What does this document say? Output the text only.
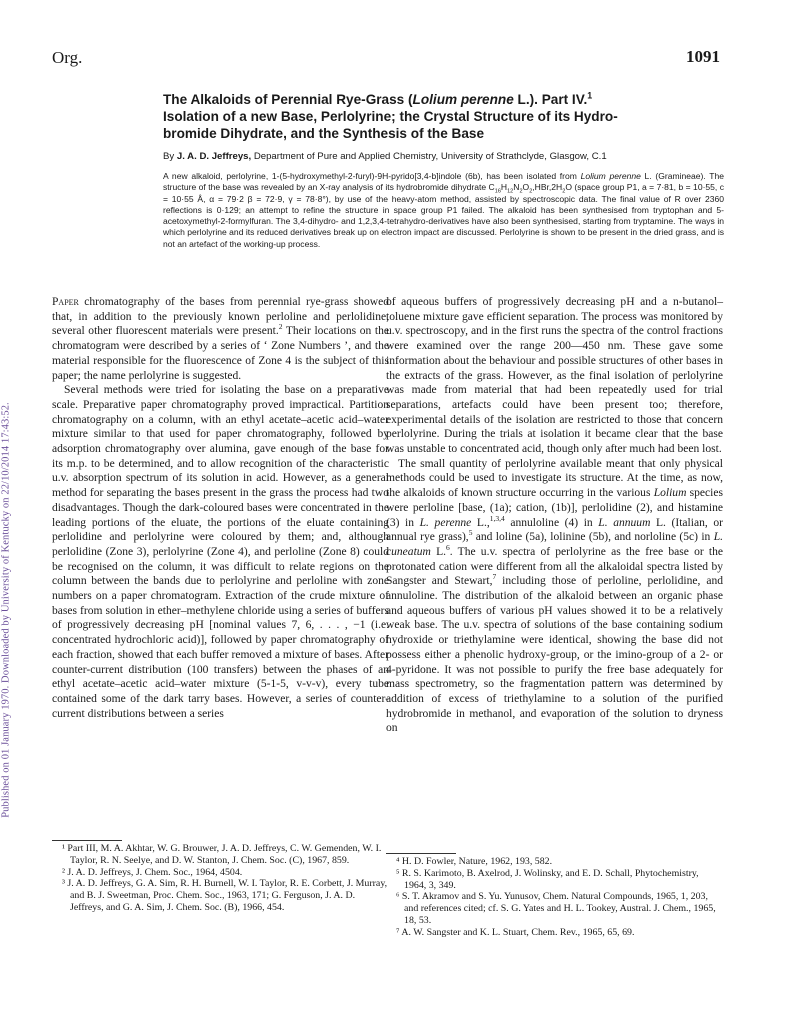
Published on 01 January 1970. Downloaded by University of Kentucky on 22/10/2014 17:43:52.
Org.	1091
The Alkaloids of Perennial Rye-Grass (Lolium perenne L.). Part IV.$^1$
Isolation of a new Base, Perlolyrine; the Crystal Structure of its Hydro-
bromide Dihydrate, and the Synthesis of the Base
By J. A. D. Jeffreys, Department of Pure and Applied Chemistry, University of Strathclyde, Glasgow, C.1
A new alkaloid, perlolyrine, 1-(5-hydroxymethyl-2-furyl)-9H-pyrido[3,4-b]indole (6b), has been isolated from Lolium perenne L. (Gramineae). The structure of the base was revealed by an X-ray analysis of its hydrobromide dihydrate $C_{16}H_{12}N_2O_2,HBr,2H_2O$ (space group P1, a = 7·81, b = 10·55, c = 10·55 Å, α = 79·2 β = 72·9, γ = 78·8°), by use of the heavy-atom method, assisted by spectroscopic data. The final value of R over 2360 reflections is 0·129; an attempt to refine the structure in space group P1 failed. The alkaloid has been synthesised from tryptophan and 5-acetoxymethyl-2-formylfuran. The 3,4-dihydro- and 1,2,3,4-tetrahydro-derivatives have also been synthesised, starting from tryptamine. The ways in which perlolyrine and its reduced derivatives break up on electron impact are discussed. Perlolyrine is shown to be present in the dried grass, and is not an artefact of the working-up process.

Paper chromatography of the bases from perennial rye-grass showed that, in addition to the previously known perloline and perlolidine, several other fluorescent materials were present.$^2$ Their locations on the chromatogram were described by a series of ‘ Zone Numbers ’, and the material responsible for the fluorescence of Zone 4 is the subject of this paper; the name perlolyrine is suggested.

Several methods were tried for isolating the base on a preparative scale. Preparative paper chromatography proved impractical. Partition chromatography on a column, with an ethyl acetate–acetic acid–water mixture similar to that used for paper chromatography, followed by adsorption chromatography over alumina, gave enough of the base for its m.p. to be determined, and to allow recognition of the characteristic u.v. absorption spectrum of its solution in acid. However, as a general method for separating the bases present in the grass the process had two disadvantages. Though the dark-coloured bases were concentrated in the leading portions of the eluate, the portions of the eluate containing perlolidine and perlolyrine were coloured by them; and, although perlolidine (Zone 3), perlolyrine (Zone 4), and perloline (Zone 8) could be recognised on the column, it was difficult to relate regions on the column between the bands due to perlolyrine and perloline with zone numbers on a paper chromatogram. Extraction of the crude mixture of bases from solution in ether–methylene chloride using a series of buffers of progressively decreasing pH [nominal values 7, 6, . . . , −1 (i.e. concentrated hydrochloric acid)], followed by paper chromatography of each fraction, showed that each buffer removed a mixture of bases. After counter-current distribution (100 transfers) between the phases of an ethyl acetate–acetic acid–water mixture (5-1-5, v-v-v), every tube contained some of the dark tarry bases. However, a series of counter-current distributions between a series

of aqueous buffers of progressively decreasing pH and a n-butanol–toluene mixture gave efficient separation. The process was monitored by u.v. spectroscopy, and in the first runs the spectra of the control fractions were examined over the range 200—450 nm. These gave some information about the behaviour and possible structures of other bases in the extracts of the grass. However, as the final isolation of perlolyrine was made from material that had been repeatedly used for trial separations, artefacts could have been present too; therefore, experimental details of the isolation are restricted to those that concern perlolyrine. During the trials at isolation it became clear that the base was unstable to concentrated acid, though only after much had been lost.

The small quantity of perlolyrine available meant that only physical methods could be used to investigate its structure. At the time, as now, the alkaloids of known structure occurring in the various Lolium species were perloline [base, (1a); cation, (1b)], perlolidine (2), and histamine (3) in L. perenne L.,$^{1,3,4}$ annuloline (4) in L. annuum L. (Italian, or annual rye grass),$^5$ and loline (5a), lolinine (5b), and norloline (5c) in L. cuneatum L.$^6$. The u.v. spectra of perlolyrine as the free base or the protonated cation were different from all the alkaloidal spectra listed by Sangster and Stewart,$^7$ including those of perloline, perlolidine, and annuloline. The distribution of the alkaloid between an organic phase and aqueous buffers of various pH values showed it to be a relatively weak base. The u.v. spectra of solutions of the base containing sodium hydroxide or triethylamine were identical, showing the base did not possess either a phenolic hydroxy-group, or the imino-group of a 2- or 4-pyridone. It was not possible to purify the free base adequately for mass spectrometry, so the fragmentation pattern was determined by addition of excess of triethylamine to a solution of the purified hydrobromide in methanol, and evaporation of the solution to dryness on

¹ Part III, M. A. Akhtar, W. G. Brouwer, J. A. D. Jeffreys, C. W. Gemenden, W. I. Taylor, R. N. Seelye, and D. W. Stanton, J. Chem. Soc. (C), 1967, 859.
² J. A. D. Jeffreys, J. Chem. Soc., 1964, 4504.
³ J. A. D. Jeffreys, G. A. Sim, R. H. Burnell, W. I. Taylor, R. E. Corbett, J. Murray, and B. J. Sweetman, Proc. Chem. Soc., 1963, 171; G. Ferguson, J. A. D. Jeffreys, and G. A. Sim, J. Chem. Soc. (B), 1966, 454.
⁴ H. D. Fowler, Nature, 1962, 193, 582.
⁵ R. S. Karimoto, B. Axelrod, J. Wolinsky, and E. D. Schall, Phytochemistry, 1964, 3, 349.
⁶ S. T. Akramov and S. Yu. Yunusov, Chem. Natural Compounds, 1965, 1, 203, and references cited; cf. S. G. Yates and H. L. Tookey, Austral. J. Chem., 1965, 18, 53.
⁷ A. W. Sangster and K. L. Stuart, Chem. Rev., 1965, 65, 69.
